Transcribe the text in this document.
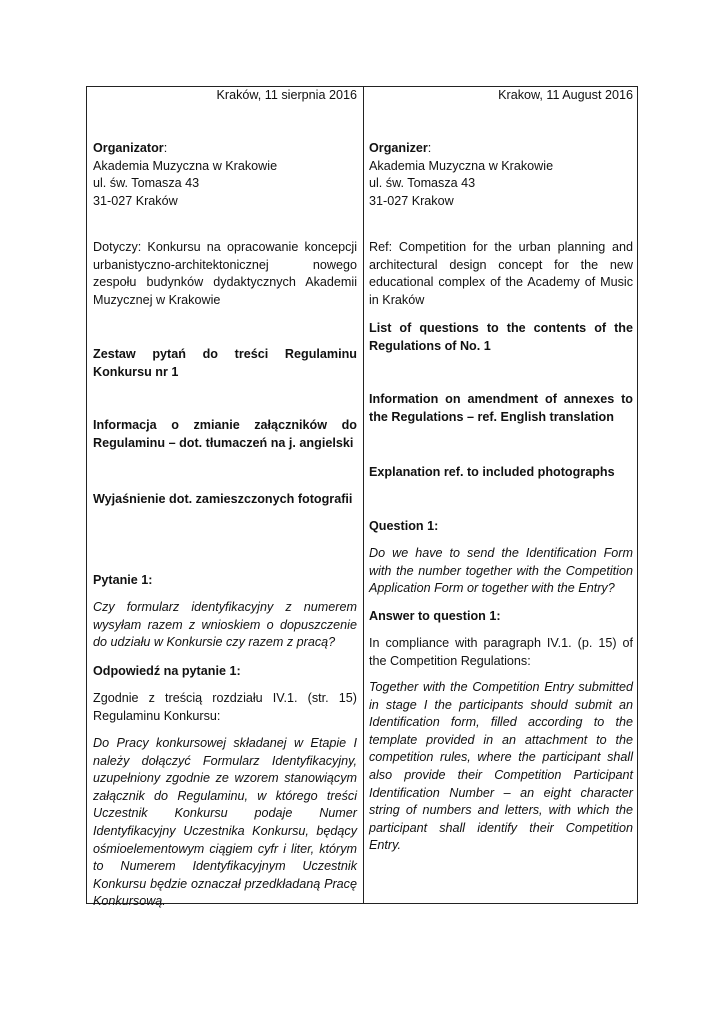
Kraków, 11 sierpnia 2016

Organizator:
Akademia Muzyczna w Krakowie
ul. św. Tomasza 43
31-027 Kraków

Dotyczy: Konkursu na opracowanie koncepcji urbanistyczno-architektonicznej nowego zespołu budynków dydaktycznych Akademii Muzycznej w Krakowie

Zestaw pytań do treści Regulaminu Konkursu nr 1

Informacja o zmianie załączników do Regulaminu – dot. tłumaczeń na j. angielski

Wyjaśnienie dot. zamieszczonych fotografii

Pytanie 1:

Czy formularz identyfikacyjny z numerem wysyłam razem z wnioskiem o dopuszczenie do udziału w Konkursie czy razem z pracą?

Odpowiedź na pytanie 1:

Zgodnie z treścią rozdziału IV.1. (str. 15) Regulaminu Konkursu:

Do Pracy konkursowej składanej w Etapie I należy dołączyć Formularz Identyfikacyjny, uzupełniony zgodnie ze wzorem stanowiącym załącznik do Regulaminu, w którego treści Uczestnik Konkursu podaje Numer Identyfikacyjny Uczestnika Konkursu, będący ośmioelementowym ciągiem cyfr i liter, którym to Numerem Identyfikacyjnym Uczestnik Konkursu będzie oznaczał przedkładaną Pracę Konkursową.

Krakow, 11 August 2016

Organizer:
Akademia Muzyczna w Krakowie
ul. św. Tomasza 43
31-027 Krakow

Ref: Competition for the urban planning and architectural design concept for the new educational complex of the Academy of Music in Kraków

List of questions to the contents of the Regulations of No. 1

Information on amendment of annexes to the Regulations – ref. English translation

Explanation ref. to included photographs

Question 1:

Do we have to send the Identification Form with the number together with the Competition Application Form or together with the Entry?

Answer to question 1:

In compliance with paragraph IV.1. (p. 15) of the Competition Regulations:

Together with the Competition Entry submitted in stage I the participants should submit an Identification form, filled according to the template provided in an attachment to the competition rules, where the participant shall also provide their Competition Participant Identification Number – an eight character string of numbers and letters, with which the participant shall identify their Competition Entry.
